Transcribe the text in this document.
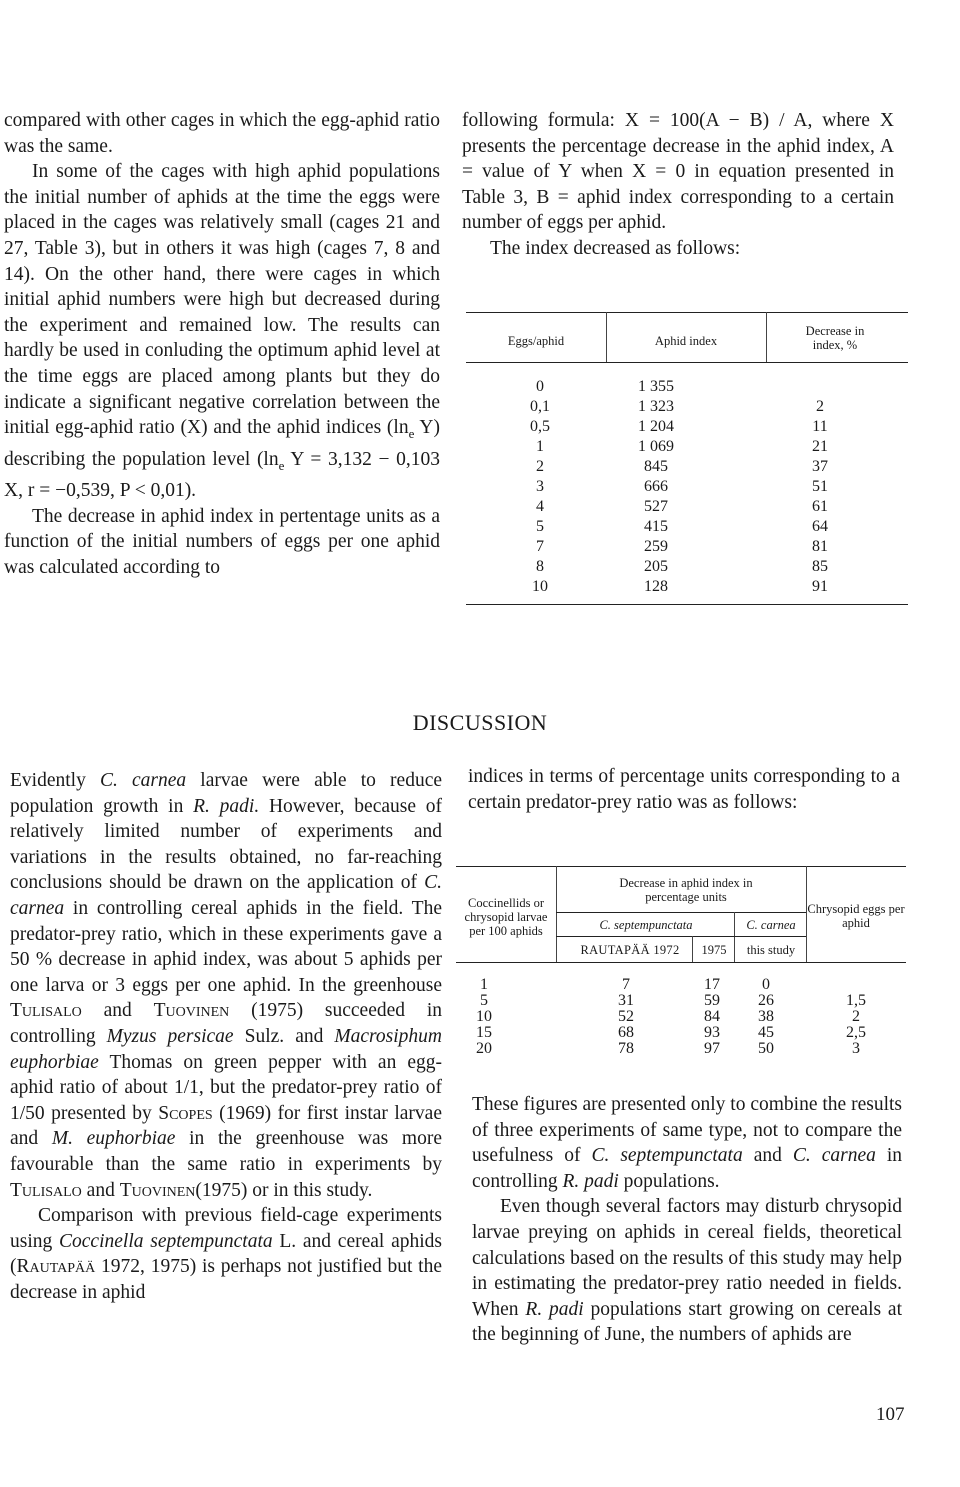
compared with other cages in which the egg-aphid ratio was the same.

In some of the cages with high aphid populations the initial number of aphids at the time the eggs were placed in the cages was relatively small (cages 21 and 27, Table 3), but in others it was high (cages 7, 8 and 14). On the other hand, there were cages in which initial aphid numbers were high but decreased during the experiment and remained low. The results can hardly be used in conluding the optimum aphid level at the time eggs are placed among plants but they do indicate a significant negative correlation between the initial egg-aphid ratio (X) and the aphid indices ($\ln_e$ Y) describing the population level ($\ln_e$ Y = 3,132 − 0,103 X, r = −0,539, P < 0,01).

The decrease in aphid index in pertentage units as a function of the initial numbers of eggs per one aphid was calculated according to

following formula: X = 100(A − B) / A, where X presents the percentage decrease in the aphid index, A = value of Y when X = 0 in equation presented in Table 3, B = aphid index corresponding to a certain number of eggs per aphid.

The index decreased as follows:

Eggs/aphid	Aphid index
Decrease in index, %
0	1 355
0,1	1 323	2
0,5	1 204	11
1	1 069	21
2	845	37
3	666	51
4	527	61
5	415	64
7	259	81
8	205	85
10	128	91
DISCUSSION

Evidently C. carnea larvae were able to reduce population growth in R. padi. However, because of relatively limited number of experiments and variations in the results obtained, no far-reaching conclusions should be drawn on the application of C. carnea in controlling cereal aphids in the field. The predator-prey ratio, which in these experiments gave a 50 % decrease in aphid index, was about 5 aphids per one larva or 3 eggs per one aphid. In the greenhouse Tulisalo and Tuovinen (1975) succeeded in controlling Myzus persicae Sulz. and Macrosiphum euphorbiae Thomas on green pepper with an egg-aphid ratio of about 1/1, but the predator-prey ratio of 1/50 presented by Scopes (1969) for first instar larvae and M. euphorbiae in the greenhouse was more favourable than the same ratio in experiments by Tulisalo and Tuovinen(1975) or in this study.

Comparison with previous field-cage experiments using Coccinella septempunctata L. and cereal aphids (Rautapää 1972, 1975) is perhaps not justified but the decrease in aphid

indices in terms of percentage units corresponding to a certain predator-prey ratio was as follows:

Coccinellids or chrysopid larvae per 100 aphids
Decrease in aphid index in percentage units
C. septempunctata	C. carnea
RAUTAPÄÄ 1972	1975	this study
Chrysopid eggs per aphid
1	7	17	0
5	31	59	26	1,5
10	52	84	38	2
15	68	93	45	2,5
20	78	97	50	3

These figures are presented only to combine the results of three experiments of same type, not to compare the usefulness of C. septempunctata and C. carnea in controlling R. padi populations.

Even though several factors may disturb chrysopid larvae preying on aphids in cereal fields, theoretical calculations based on the results of this study may help in estimating the predator-prey ratio needed in fields. When R. padi populations start growing on cereals at the beginning of June, the numbers of aphids are

107
